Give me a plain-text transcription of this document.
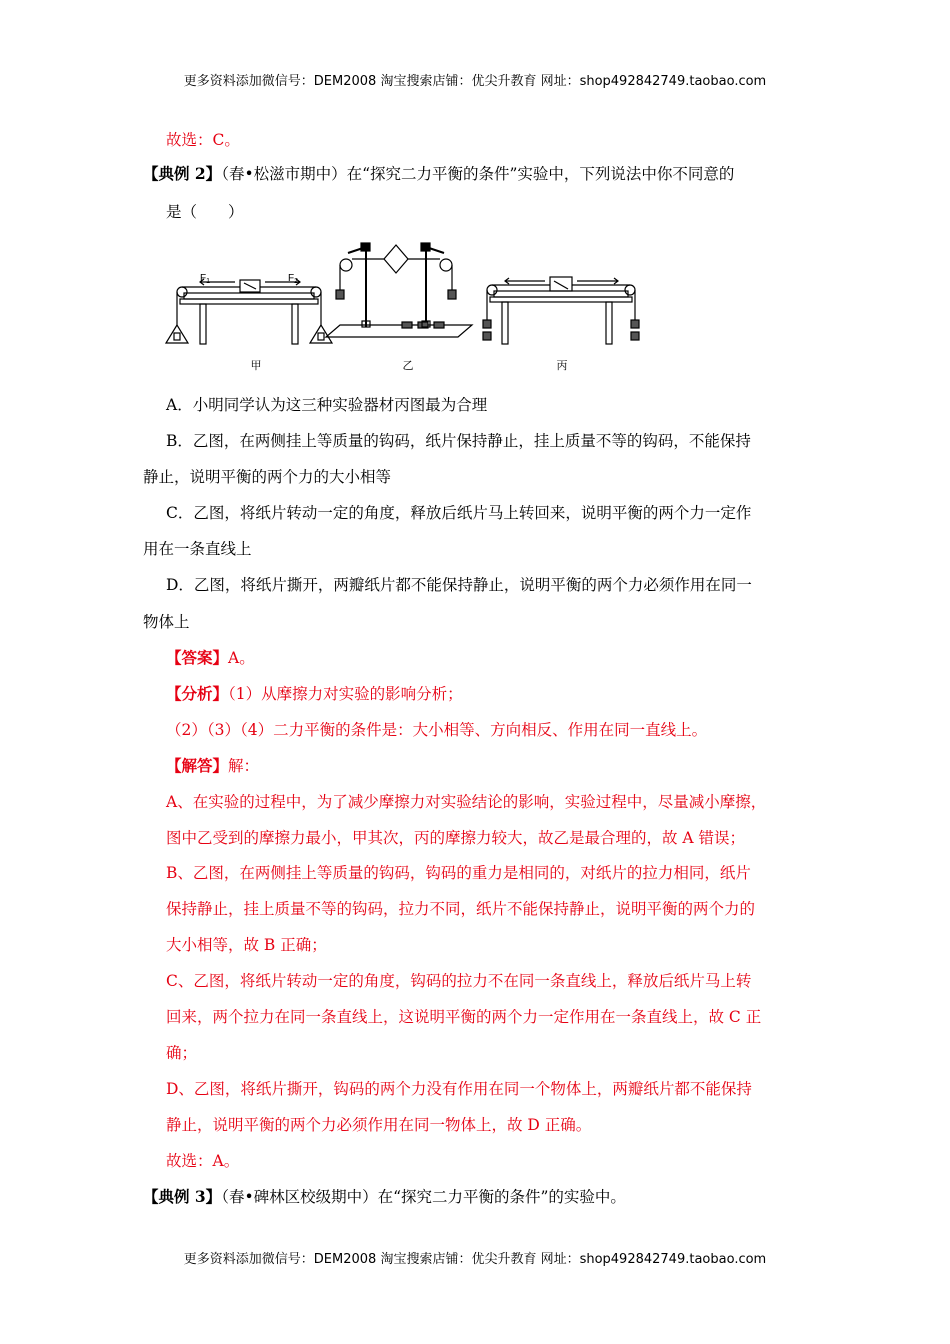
更多资料添加微信号：DEM2008 淘宝搜索店铺：优尖升教育 网址：shop492842749.taobao.com
故选：C。
【典例 2】（春•松滋市期中）在“探究二力平衡的条件”实验中，下列说法中你不同意的
是（　　）
$F_1$	$F_2$
甲	乙	丙
A．小明同学认为这三种实验器材丙图最为合理
B．乙图，在两侧挂上等质量的钩码，纸片保持静止，挂上质量不等的钩码，不能保持
静止，说明平衡的两个力的大小相等
C．乙图，将纸片转动一定的角度，释放后纸片马上转回来，说明平衡的两个力一定作
用在一条直线上
D．乙图，将纸片撕开，两瓣纸片都不能保持静止，说明平衡的两个力必须作用在同一
物体上
【答案】A。
【分析】（1）从摩擦力对实验的影响分析；
（2）（3）（4）二力平衡的条件是：大小相等、方向相反、作用在同一直线上。
【解答】解：
A、在实验的过程中，为了减少摩擦力对实验结论的影响，实验过程中，尽量减小摩擦，
图中乙受到的摩擦力最小，甲其次，丙的摩擦力较大，故乙是最合理的，故 A 错误；
B、乙图，在两侧挂上等质量的钩码，钩码的重力是相同的，对纸片的拉力相同，纸片
保持静止，挂上质量不等的钩码，拉力不同，纸片不能保持静止，说明平衡的两个力的
大小相等，故 B 正确；
C、乙图，将纸片转动一定的角度，钩码的拉力不在同一条直线上，释放后纸片马上转
回来，两个拉力在同一条直线上，这说明平衡的两个力一定作用在一条直线上，故 C 正
确；
D、乙图，将纸片撕开，钩码的两个力没有作用在同一个物体上，两瓣纸片都不能保持
静止，说明平衡的两个力必须作用在同一物体上，故 D 正确。
故选：A。
【典例 3】（春•碑林区校级期中）在“探究二力平衡的条件”的实验中。
更多资料添加微信号：DEM2008 淘宝搜索店铺：优尖升教育 网址：shop492842749.taobao.com
